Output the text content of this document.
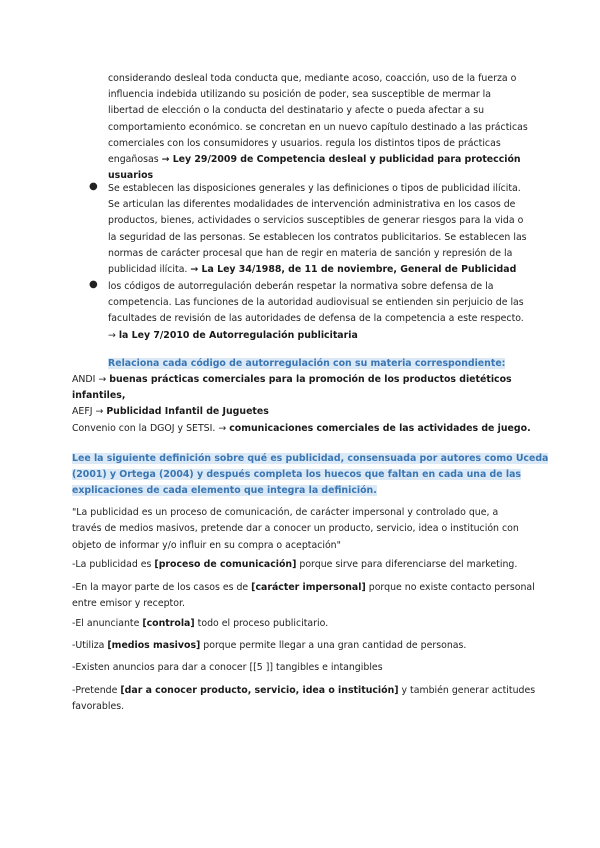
considerando desleal toda conducta que, mediante acoso, coacción, uso de la fuerza o
influencia indebida utilizando su posición de poder, sea susceptible de mermar la
libertad de elección o la conducta del destinatario y afecte o pueda afectar a su
comportamiento económico. se concretan en un nuevo capítulo destinado a las prácticas
comerciales con los consumidores y usuarios. regula los distintos tipos de prácticas
engañosas → Ley 29/2009 de Competencia desleal y publicidad para protección
usuarios
● Se establecen las disposiciones generales y las definiciones o tipos de publicidad ilícita.
Se articulan las diferentes modalidades de intervención administrativa en los casos de
productos, bienes, actividades o servicios susceptibles de generar riesgos para la vida o
la seguridad de las personas. Se establecen los contratos publicitarios. Se establecen las
normas de carácter procesal que han de regir en materia de sanción y represión de la
publicidad ilícita. → La Ley 34/1988, de 11 de noviembre, General de Publicidad
● los códigos de autorregulación deberán respetar la normativa sobre defensa de la
competencia. Las funciones de la autoridad audiovisual se entienden sin perjuicio de las
facultades de revisión de las autoridades de defensa de la competencia a este respecto.
→ la Ley 7/2010 de Autorregulación publicitaria
Relaciona cada código de autorregulación con su materia correspondiente:
ANDI → buenas prácticas comerciales para la promoción de los productos dietéticos
infantiles,
AEFJ → Publicidad Infantil de Juguetes
Convenio con la DGOJ y SETSI. → comunicaciones comerciales de las actividades de juego.
Lee la siguiente definición sobre qué es publicidad, consensuada por autores como Uceda
(2001) y Ortega (2004) y después completa los huecos que faltan en cada una de las
explicaciones de cada elemento que integra la definición.
"La publicidad es un proceso de comunicación, de carácter impersonal y controlado que, a
través de medios masivos, pretende dar a conocer un producto, servicio, idea o institución con
objeto de informar y/o influir en su compra o aceptación"
-La publicidad es [proceso de comunicación] porque sirve para diferenciarse del marketing.
-En la mayor parte de los casos es de [carácter impersonal] porque no existe contacto personal
entre emisor y receptor.
-El anunciante [controla] todo el proceso publicitario.
-Utiliza [medios masivos] porque permite llegar a una gran cantidad de personas.
-Existen anuncios para dar a conocer [[5 ]] tangibles e intangibles
-Pretende [dar a conocer producto, servicio, idea o institución] y también generar actitudes
favorables.
